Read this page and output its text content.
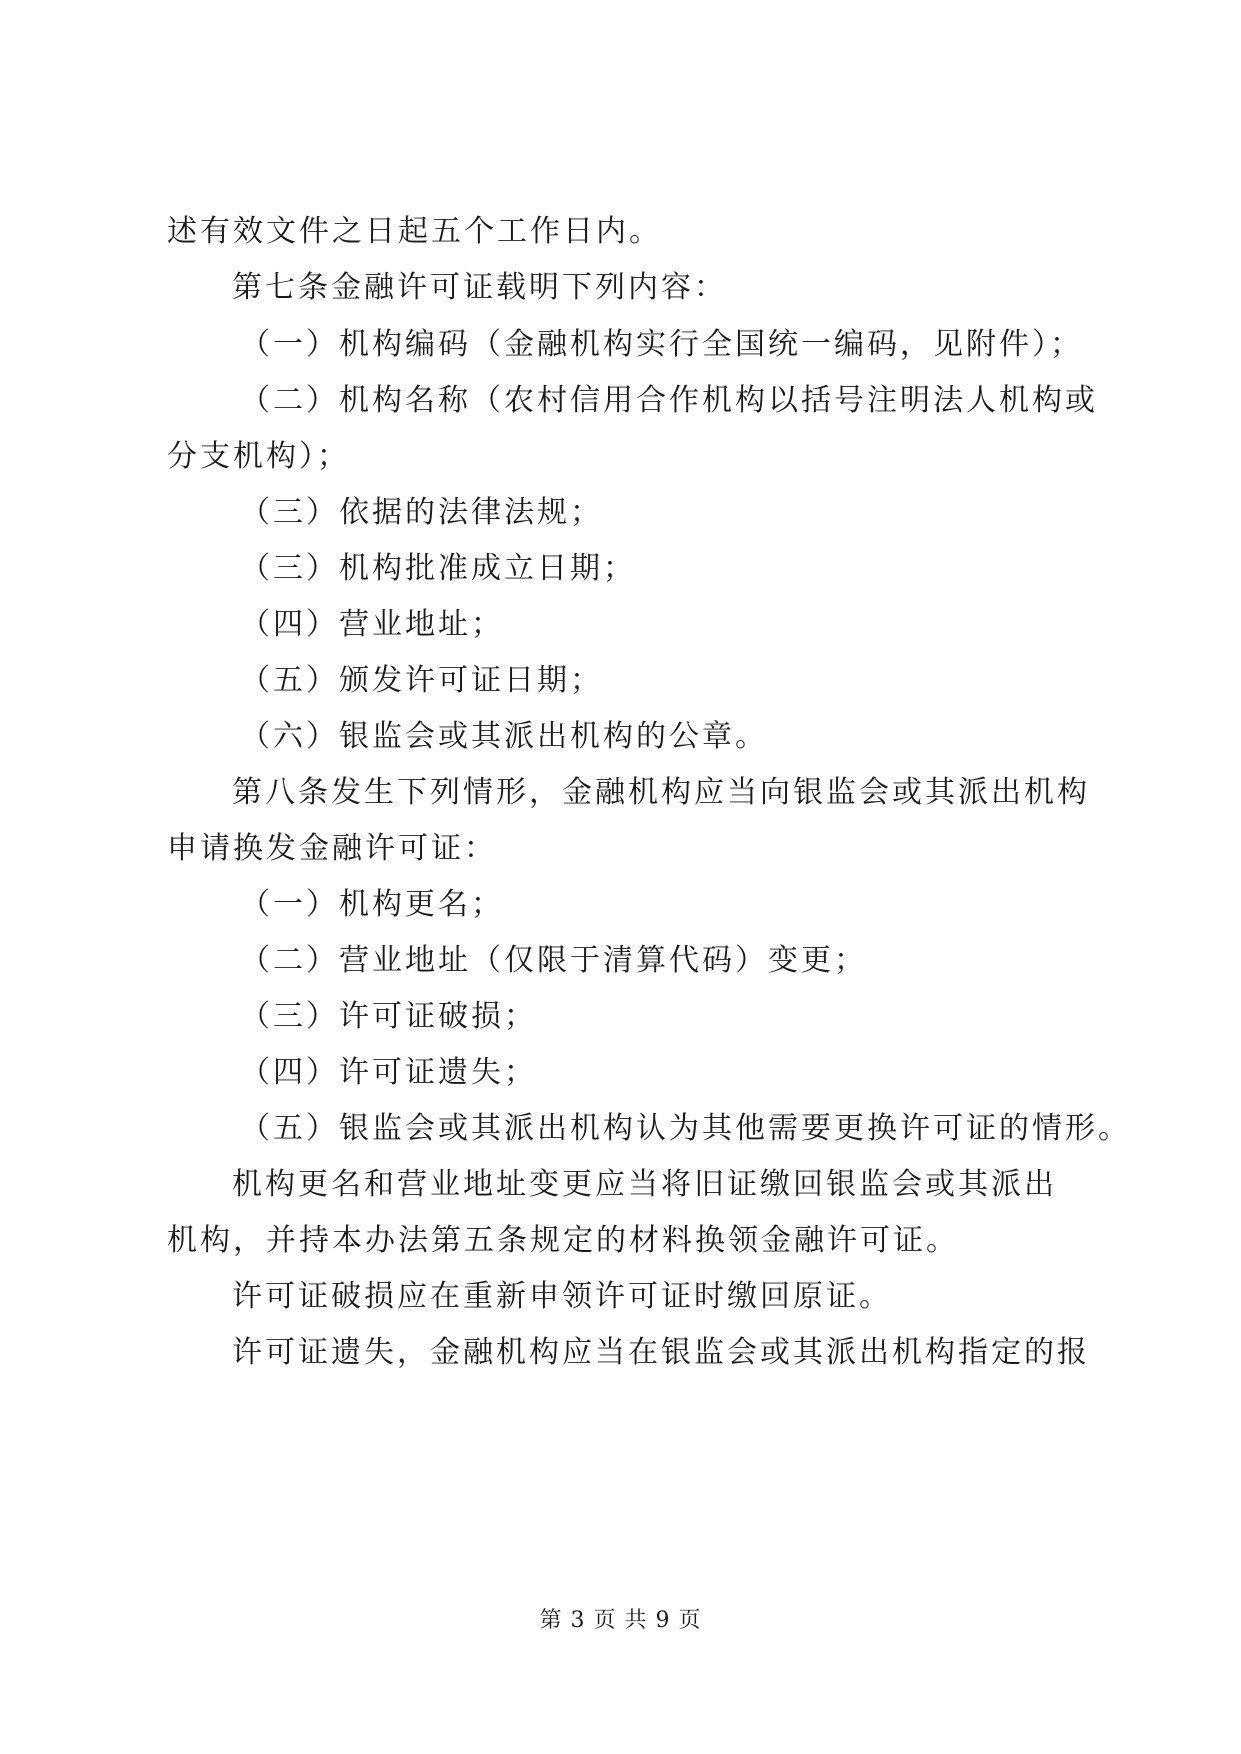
述有效文件之日起五个工作日内。
第七条金融许可证载明下列内容：
（一）机构编码（金融机构实行全国统一编码，见附件）；
（二）机构名称（农村信用合作机构以括号注明法人机构或
分支机构）；
（三）依据的法律法规；
（三）机构批准成立日期；
（四）营业地址；
（五）颁发许可证日期；
（六）银监会或其派出机构的公章。
第八条发生下列情形，金融机构应当向银监会或其派出机构
申请换发金融许可证：
（一）机构更名；
（二）营业地址（仅限于清算代码）变更；
（三）许可证破损；
（四）许可证遗失；
（五）银监会或其派出机构认为其他需要更换许可证的情形。
机构更名和营业地址变更应当将旧证缴回银监会或其派出
机构，并持本办法第五条规定的材料换领金融许可证。
许可证破损应在重新申领许可证时缴回原证。
许可证遗失，金融机构应当在银监会或其派出机构指定的报
第 3 页 共 9 页
